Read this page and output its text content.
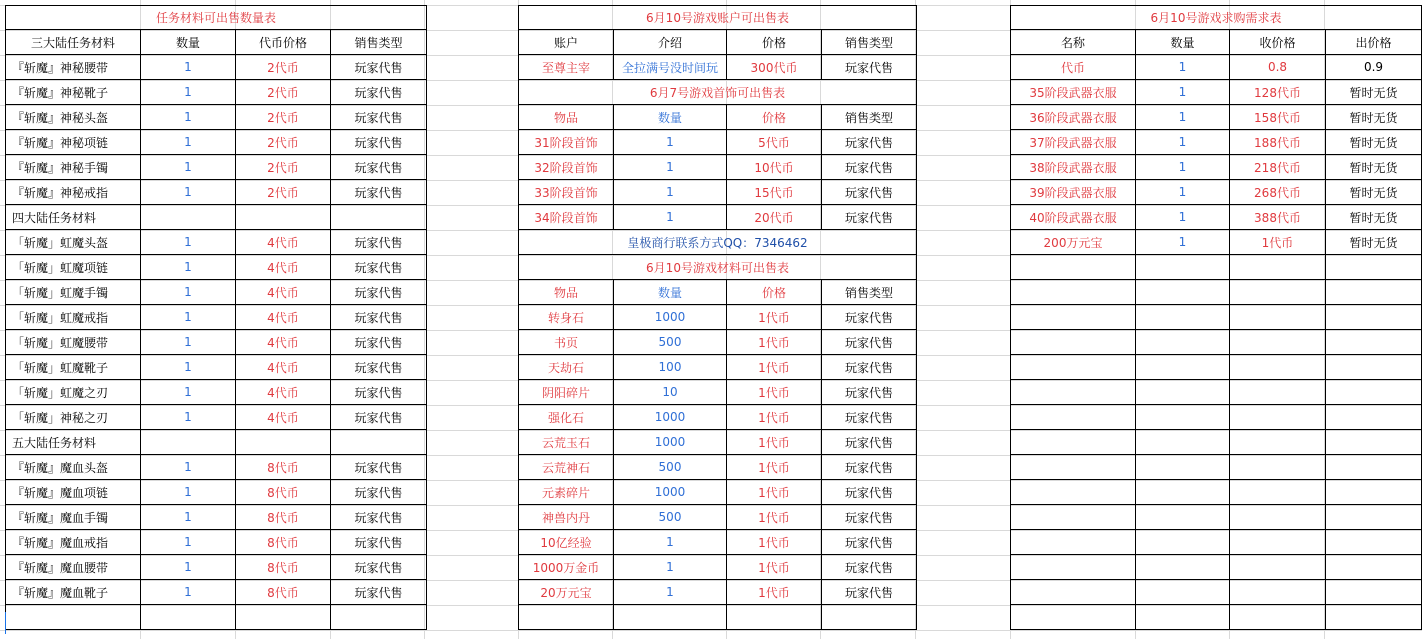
任务材料可出售数量表
三大陆任务材料	数量	代币价格	销售类型
『斩魔』神秘腰带	1	2代币	玩家代售
『斩魔』神秘靴子	1	2代币	玩家代售
『斩魔』神秘头盔	1	2代币	玩家代售
『斩魔』神秘项链	1	2代币	玩家代售
『斩魔』神秘手镯	1	2代币	玩家代售
『斩魔』神秘戒指	1	2代币	玩家代售
四大陆任务材料
「斩魔」虹魔头盔	1	4代币	玩家代售
「斩魔」虹魔项链	1	4代币	玩家代售
「斩魔」虹魔手镯	1	4代币	玩家代售
「斩魔」虹魔戒指	1	4代币	玩家代售
「斩魔」虹魔腰带	1	4代币	玩家代售
「斩魔」虹魔靴子	1	4代币	玩家代售
「斩魔」虹魔之刃	1	4代币	玩家代售
「斩魔」神秘之刃	1	4代币	玩家代售
五大陆任务材料
『斩魔』魔血头盔	1	8代币	玩家代售
『斩魔』魔血项链	1	8代币	玩家代售
『斩魔』魔血手镯	1	8代币	玩家代售
『斩魔』魔血戒指	1	8代币	玩家代售
『斩魔』魔血腰带	1	8代币	玩家代售
『斩魔』魔血靴子	1	8代币	玩家代售
6月10号游戏账户可出售表
账户	介绍	价格	销售类型
至尊主宰	全拉满号没时间玩	300代币	玩家代售
6月7号游戏首饰可出售表
物品	数量	价格	销售类型
31阶段首饰	1	5代币	玩家代售
32阶段首饰	1	10代币	玩家代售
33阶段首饰	1	15代币	玩家代售
34阶段首饰	1	20代币	玩家代售
皇极商行联系方式QQ：7346462
6月10号游戏材料可出售表
物品	数量	价格	销售类型
转身石	1000	1代币	玩家代售
书页	500	1代币	玩家代售
天劫石	100	1代币	玩家代售
阴阳碎片	10	1代币	玩家代售
强化石	1000	1代币	玩家代售
云荒玉石	1000	1代币	玩家代售
云荒神石	500	1代币	玩家代售
元素碎片	1000	1代币	玩家代售
神兽内丹	500	1代币	玩家代售
10亿经验	1	1代币	玩家代售
1000万金币	1	1代币	玩家代售
20万元宝	1	1代币	玩家代售
6月10号游戏求购需求表
名称	数量	收价格	出价格
代币	1	0.8	0.9
35阶段武器衣服	1	128代币	暂时无货
36阶段武器衣服	1	158代币	暂时无货
37阶段武器衣服	1	188代币	暂时无货
38阶段武器衣服	1	218代币	暂时无货
39阶段武器衣服	1	268代币	暂时无货
40阶段武器衣服	1	388代币	暂时无货
200万元宝	1	1代币	暂时无货
